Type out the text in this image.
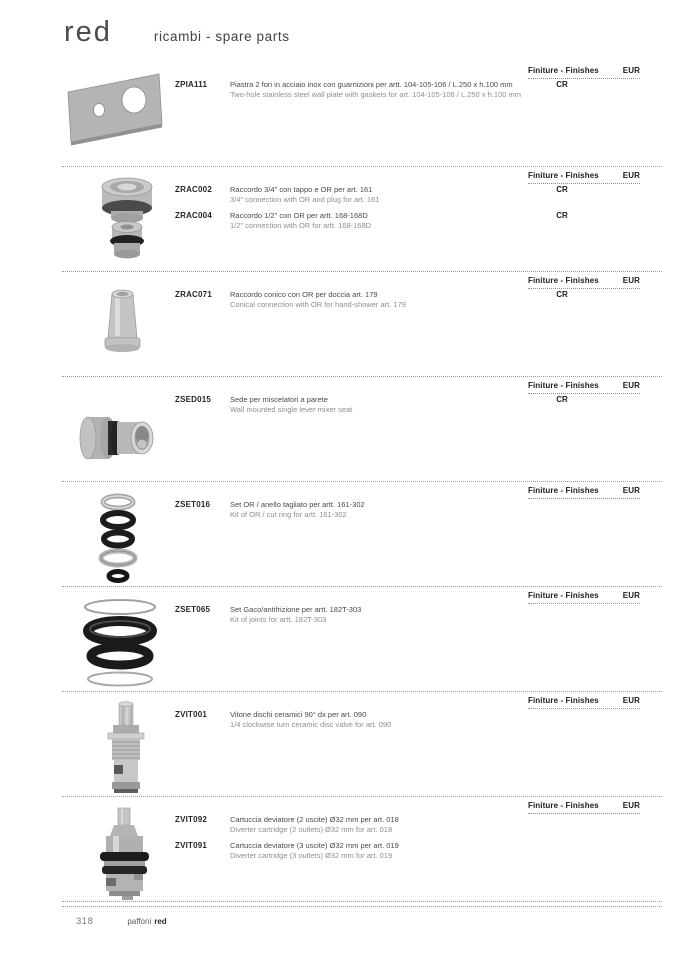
red	ricambi - spare parts
Finiture - Finishes	EUR
ZPIA111	Piastra 2 fori in acciaio inox con guarnizioni per artt. 104-105-106 / L.250 x h.100 mm
Two-hole stainless steel wall plate with gaskets for art. 104-105-106 / L.250 x h.100 mm
CR
Finiture - Finishes	EUR
ZRAC002 Raccordo 3/4" con tappo e OR per art. 161
3/4" connection with OR and plug for art. 161
CR
ZRAC004 Raccordo 1/2" con OR per artt. 168-168D
1/2" connection with OR for artt. 168-168D
CR
Finiture - Finishes	EUR
ZRAC071 Raccordo conico con OR per doccia art. 179
Conical connection with OR for hand-shower art. 179
CR
Finiture - Finishes	EUR
ZSED015	Sede per miscelatori a parete
Wall mounted single lever mixer seat
CR
Finiture - Finishes	EUR
ZSET016	Set OR / anello tagliato per artt. 161-302
Kit of OR / cut ring for artt. 161-302
Finiture - Finishes	EUR
ZSET065	Set Gaco/antifrizione per artt. 182T-303
Kit of joints for artt. 182T-303
Finiture - Finishes	EUR
ZVIT001	Vitone dischi ceramici 90° dx per art. 090
1/4 clockwise turn ceramic disc valve for art. 090
Finiture - Finishes	EUR
ZVIT092	Cartuccia deviatore (2 uscite) Ø32 mm per art. 018
Diverter cartridge (2 outlets) Ø32 mm for art. 018
ZVIT091	Cartuccia deviatore (3 uscite) Ø32 mm per art. 019
Diverter cartridge (3 outlets) Ø32 mm for art. 019
318	paffoni red
